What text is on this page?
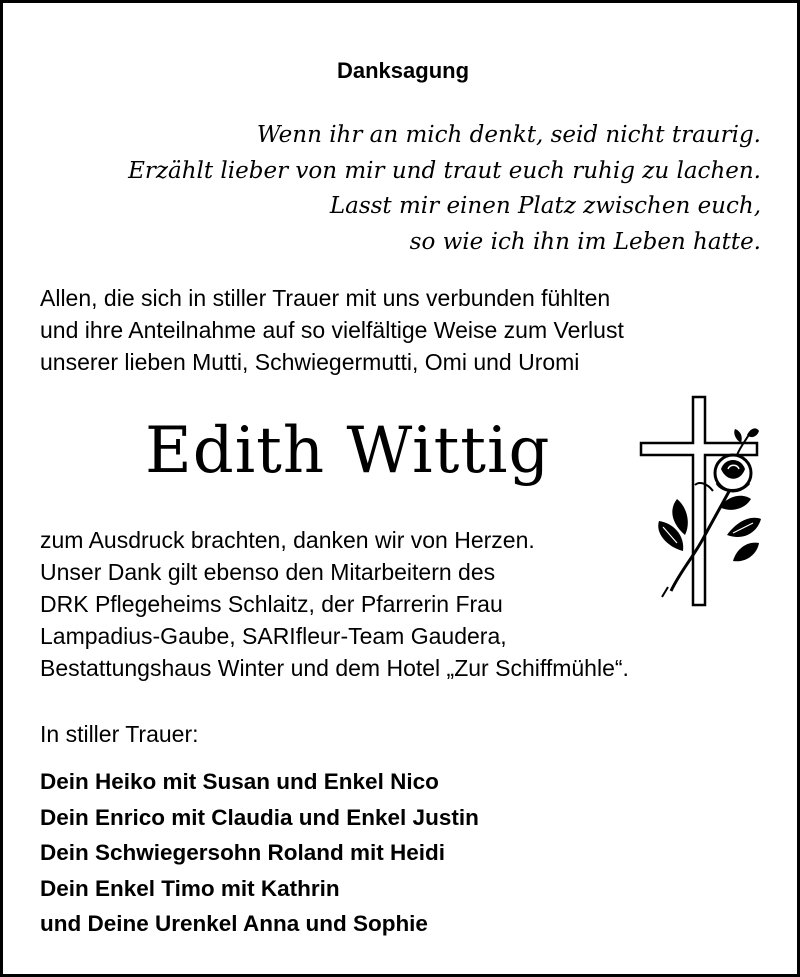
Danksagung
Wenn ihr an mich denkt, seid nicht traurig.
Erzählt lieber von mir und traut euch ruhig zu lachen.
Lasst mir einen Platz zwischen euch,
so wie ich ihn im Leben hatte.
Allen, die sich in stiller Trauer mit uns verbunden fühlten
und ihre Anteilnahme auf so vielfältige Weise zum Verlust
unserer lieben Mutti, Schwiegermutti, Omi und Uromi
Edith Wittig
zum Ausdruck brachten, danken wir von Herzen.
Unser Dank gilt ebenso den Mitarbeitern des
DRK Pflegeheims Schlaitz, der Pfarrerin Frau
Lampadius-Gaube, SARIfleur-Team Gaudera,
Bestattungshaus Winter und dem Hotel „Zur Schiffmühle“.
In stiller Trauer:
Dein Heiko mit Susan und Enkel Nico
Dein Enrico mit Claudia und Enkel Justin
Dein Schwiegersohn Roland mit Heidi
Dein Enkel Timo mit Kathrin
und Deine Urenkel Anna und Sophie
